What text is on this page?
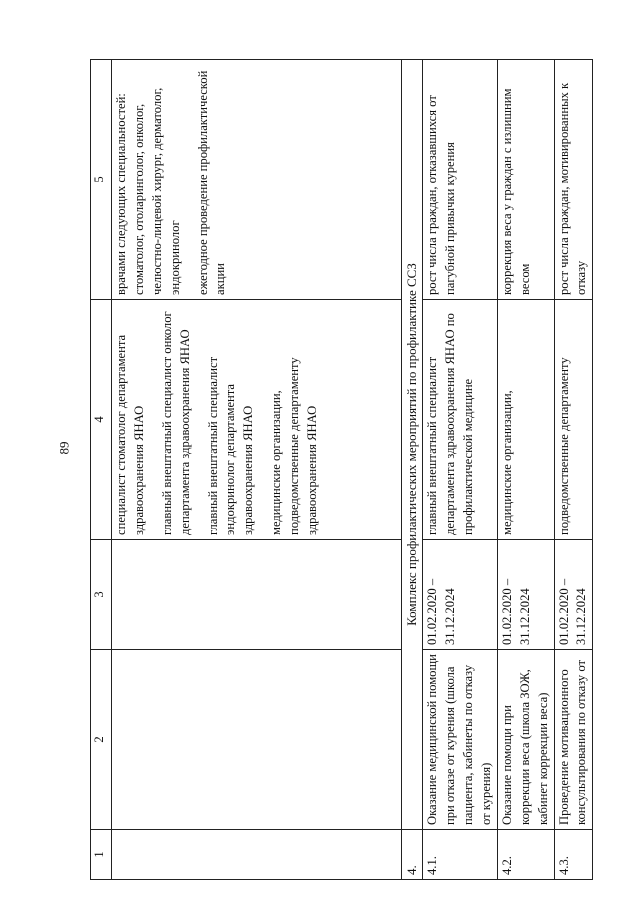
89
1	2	3	4	5

			специалист стоматолог департамента здравоохранения ЯНАО главный внештатный специалист онколог департамента здравоохранения ЯНАО главный внештатный специалист эндокринолог департамента здравоохранения ЯНАО медицинские организации, подведомственные департаменту здравоохранения ЯНАО	врачами следующих специальностей: стоматолог, отоларинголог, онколог, челюстно-лицевой хирург, дерматолог, эндокринолог ежегодное проведение профилактической акции

4.	Комплекс профилактических мероприятий по профилактике ССЗ			
4.1.	Оказание медицинской помощи при отказе от курения (школа пациента, кабинеты по отказу от курения)	01.02.2020 – 31.12.2024	главный внештатный специалист департамента здравоохранения ЯНАО по профилактической медицине	рост числа граждан, отказавшихся от пагубной привычки курения
4.2.	Оказание помощи при коррекции веса (школа ЗОЖ, кабинет коррекции веса)	01.02.2020 – 31.12.2024	медицинские организации,	коррекция веса у граждан с излишним весом
4.3.	Проведение мотивационного консультирования по отказу от	01.02.2020 – 31.12.2024	подведомственные департаменту	рост числа граждан, мотивированных к отказу
